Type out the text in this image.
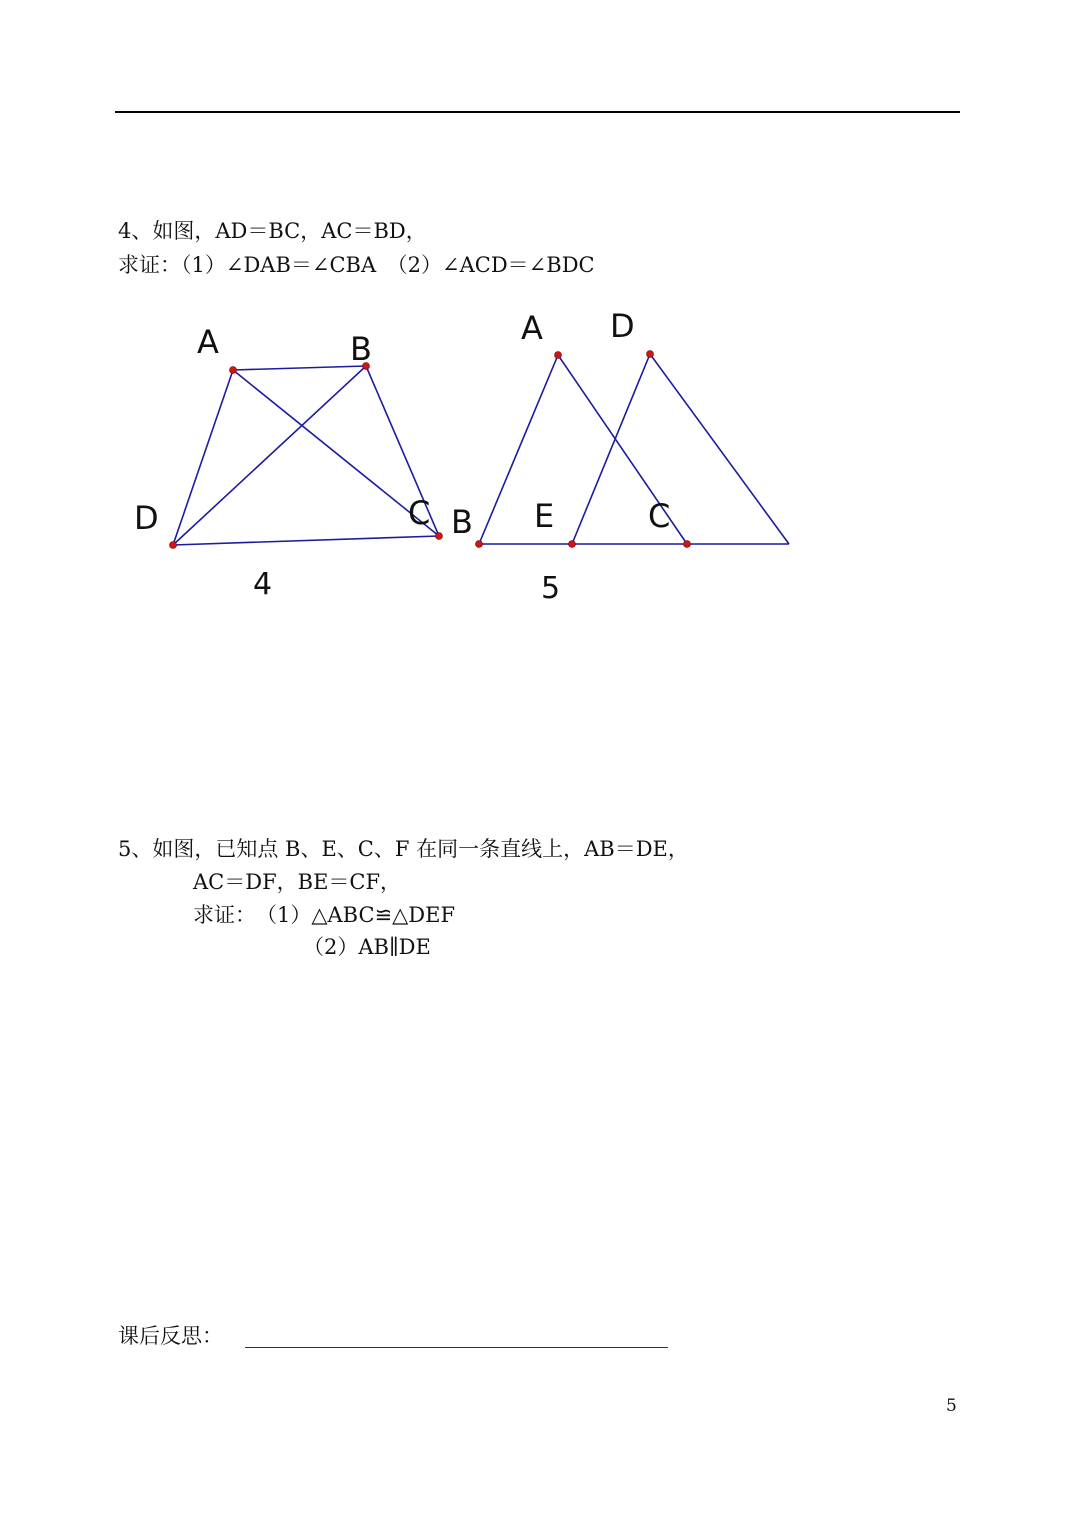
4、如图，AD＝BC，AC＝BD，
求证：（1）∠DAB＝∠CBA　（2）∠ACD＝∠BDC
A	B
C
D
4
A D
B E	C
5
5、如图，已知点 B、E、C、F 在同一条直线上，AB＝DE，
AC＝DF，BE＝CF，
求证：　（1）△ABC≌△DEF
（2）AB∥DE
课后反思：
5
